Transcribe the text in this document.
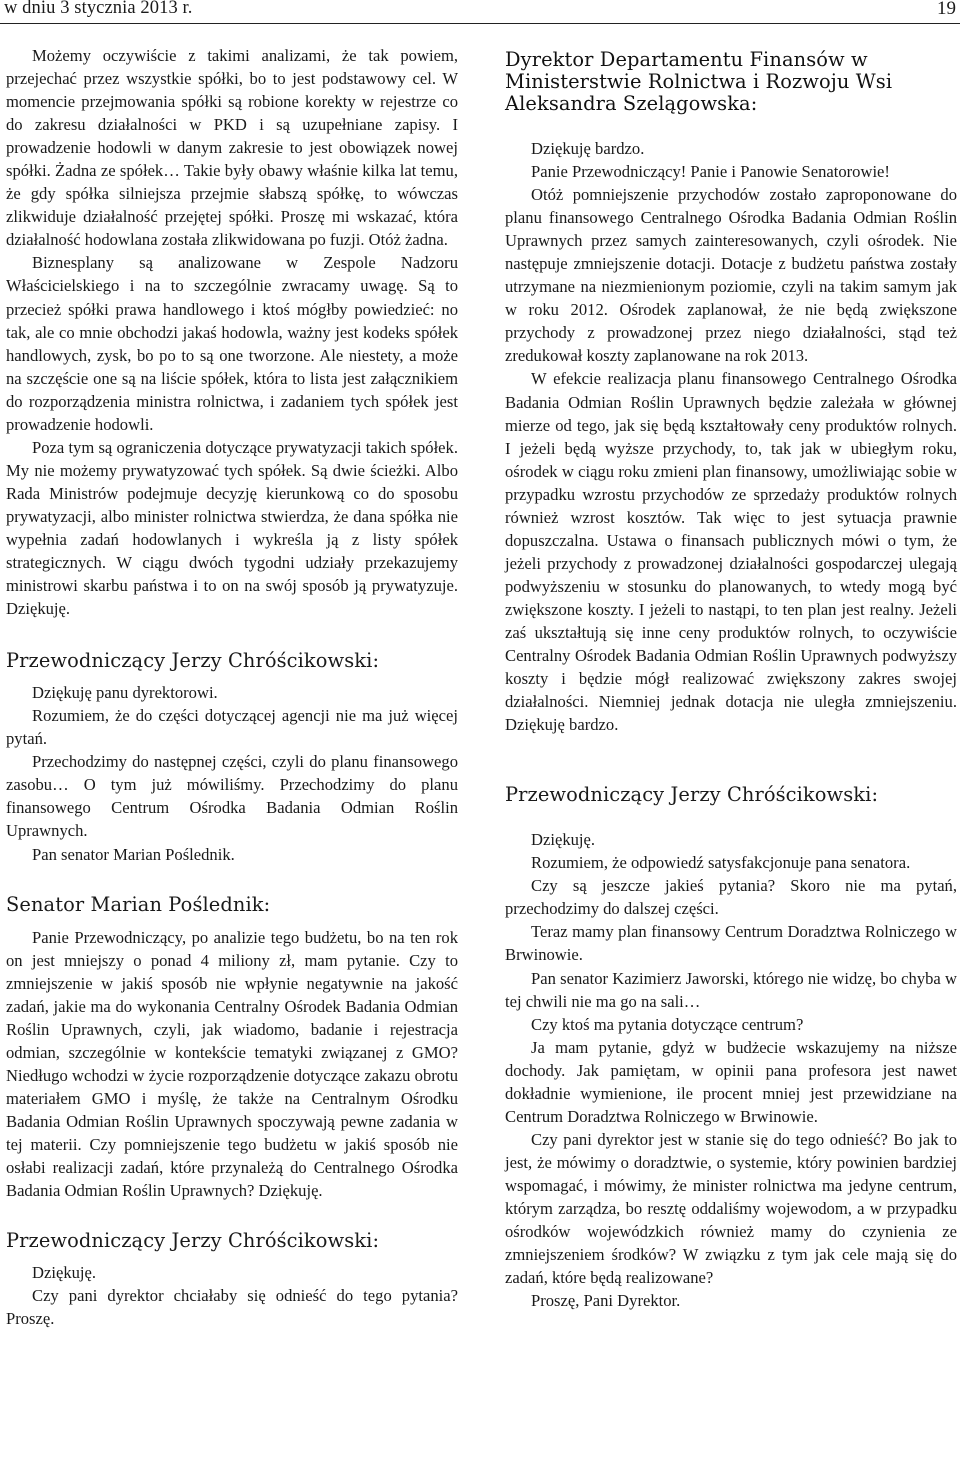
w dniu 3 stycznia 2013 r.	19

Możemy oczywiście z takimi analizami, że tak powiem, przejechać przez wszystkie spółki, bo to jest podstawowy cel. W momencie przejmowania spółki są robione korekty w rejestrze co do zakresu działalności w PKD i są uzupełniane zapisy. I prowadzenie hodowli w danym zakresie to jest obowiązek nowej spółki. Żadna ze spółek… Takie były obawy właśnie kilka lat temu, że gdy spółka silniejsza przejmie słabszą spółkę, to wówczas zlikwiduje działalność przejętej spółki. Proszę mi wskazać, która działalność hodowlana została zlikwidowana po fuzji. Otóż żadna.

Biznesplany są analizowane w Zespole Nadzoru Właścicielskiego i na to szczególnie zwracamy uwagę. Są to przecież spółki prawa handlowego i ktoś mógłby powiedzieć: no tak, ale co mnie obchodzi jakaś hodowla, ważny jest kodeks spółek handlowych, zysk, bo po to są one tworzone. Ale niestety, a może na szczęście one są na liście spółek, która to lista jest załącznikiem do rozporządzenia ministra rolnictwa, i zadaniem tych spółek jest prowadzenie hodowli.

Poza tym są ograniczenia dotyczące prywatyzacji takich spółek. My nie możemy prywatyzować tych spółek. Są dwie ścieżki. Albo Rada Ministrów podejmuje decyzję kierunkową co do sposobu prywatyzacji, albo minister rolnictwa stwierdza, że dana spółka nie wypełnia zadań hodowlanych i wykreśla ją z listy spółek strategicznych. W ciągu dwóch tygodni udziały przekazujemy ministrowi skarbu państwa i to on na swój sposób ją prywatyzuje. Dziękuję.

Przewodniczący Jerzy Chróścikowski:

Dziękuję panu dyrektorowi.

Rozumiem, że do części dotyczącej agencji nie ma już więcej pytań.

Przechodzimy do następnej części, czyli do planu finansowego zasobu… O tym już mówiliśmy. Przechodzimy do planu finansowego Centrum Ośrodka Badania Odmian Roślin Uprawnych.

Pan senator Marian Poślednik.

Senator Marian Poślednik:

Panie Przewodniczący, po analizie tego budżetu, bo na ten rok on jest mniejszy o ponad 4 miliony zł, mam pytanie. Czy to zmniejszenie w jakiś sposób nie wpłynie negatywnie na jakość zadań, jakie ma do wykonania Centralny Ośrodek Badania Odmian Roślin Uprawnych, czyli, jak wiadomo, badanie i rejestracja odmian, szczególnie w kontekście tematyki związanej z GMO? Niedługo wchodzi w życie rozporządzenie dotyczące zakazu obrotu materiałem GMO i myślę, że także na Centralnym Ośrodku Badania Odmian Roślin Uprawnych spoczywają pewne zadania w tej materii. Czy pomniejszenie tego budżetu w jakiś sposób nie osłabi realizacji zadań, które przynależą do Centralnego Ośrodka Badania Odmian Roślin Uprawnych? Dziękuję.

Przewodniczący Jerzy Chróścikowski:

Dziękuję.

Czy pani dyrektor chciałaby się odnieść do tego pytania? Proszę.

Dyrektor Departamentu Finansów w Ministerstwie Rolnictwa i Rozwoju Wsi Aleksandra Szelągowska:

Dziękuję bardzo.

Panie Przewodniczący! Panie i Panowie Senatorowie!

Otóż pomniejszenie przychodów zostało zaproponowane do planu finansowego Centralnego Ośrodka Badania Odmian Roślin Uprawnych przez samych zainteresowanych, czyli ośrodek. Nie następuje zmniejszenie dotacji. Dotacje z budżetu państwa zostały utrzymane na niezmienionym poziomie, czyli na takim samym jak w roku 2012. Ośrodek zaplanował, że nie będą zwiększone przychody z prowadzonej przez niego działalności, stąd też zredukował koszty zaplanowane na rok 2013.

W efekcie realizacja planu finansowego Centralnego Ośrodka Badania Odmian Roślin Uprawnych będzie zależała w głównej mierze od tego, jak się będą kształtowały ceny produktów rolnych. I jeżeli będą wyższe przychody, to, tak jak w ubiegłym roku, ośrodek w ciągu roku zmieni plan finansowy, umożliwiając sobie w przypadku wzrostu przychodów ze sprzedaży produktów rolnych również wzrost kosztów. Tak więc to jest sytuacja prawnie dopuszczalna. Ustawa o finansach publicznych mówi o tym, że jeżeli przychody z prowadzonej działalności gospodarczej ulegają podwyższeniu w stosunku do planowanych, to wtedy mogą być zwiększone koszty. I jeżeli to nastąpi, to ten plan jest realny. Jeżeli zaś ukształtują się inne ceny produktów rolnych, to oczywiście Centralny Ośrodek Badania Odmian Roślin Uprawnych podwyższy koszty i będzie mógł realizować zwiększony zakres swojej działalności. Niemniej jednak dotacja nie uległa zmniejszeniu. Dziękuję bardzo.

Przewodniczący Jerzy Chróścikowski:

Dziękuję.

Rozumiem, że odpowiedź satysfakcjonuje pana senatora.

Czy są jeszcze jakieś pytania? Skoro nie ma pytań, przechodzimy do dalszej części.

Teraz mamy plan finansowy Centrum Doradztwa Rolniczego w Brwinowie.

Pan senator Kazimierz Jaworski, którego nie widzę, bo chyba w tej chwili nie ma go na sali…

Czy ktoś ma pytania dotyczące centrum?

Ja mam pytanie, gdyż w budżecie wskazujemy na niższe dochody. Jak pamiętam, w opinii pana profesora jest nawet dokładnie wymienione, ile procent mniej jest przewidziane na Centrum Doradztwa Rolniczego w Brwinowie.

Czy pani dyrektor jest w stanie się do tego odnieść? Bo jak to jest, że mówimy o doradztwie, o systemie, który powinien bardziej wspomagać, i mówimy, że minister rolnictwa ma jedyne centrum, którym zarządza, bo resztę oddaliśmy wojewodom, a w przypadku ośrodków wojewódzkich również mamy do czynienia ze zmniejszeniem środków? W związku z tym jak cele mają się do zadań, które będą realizowane?

Proszę, Pani Dyrektor.
